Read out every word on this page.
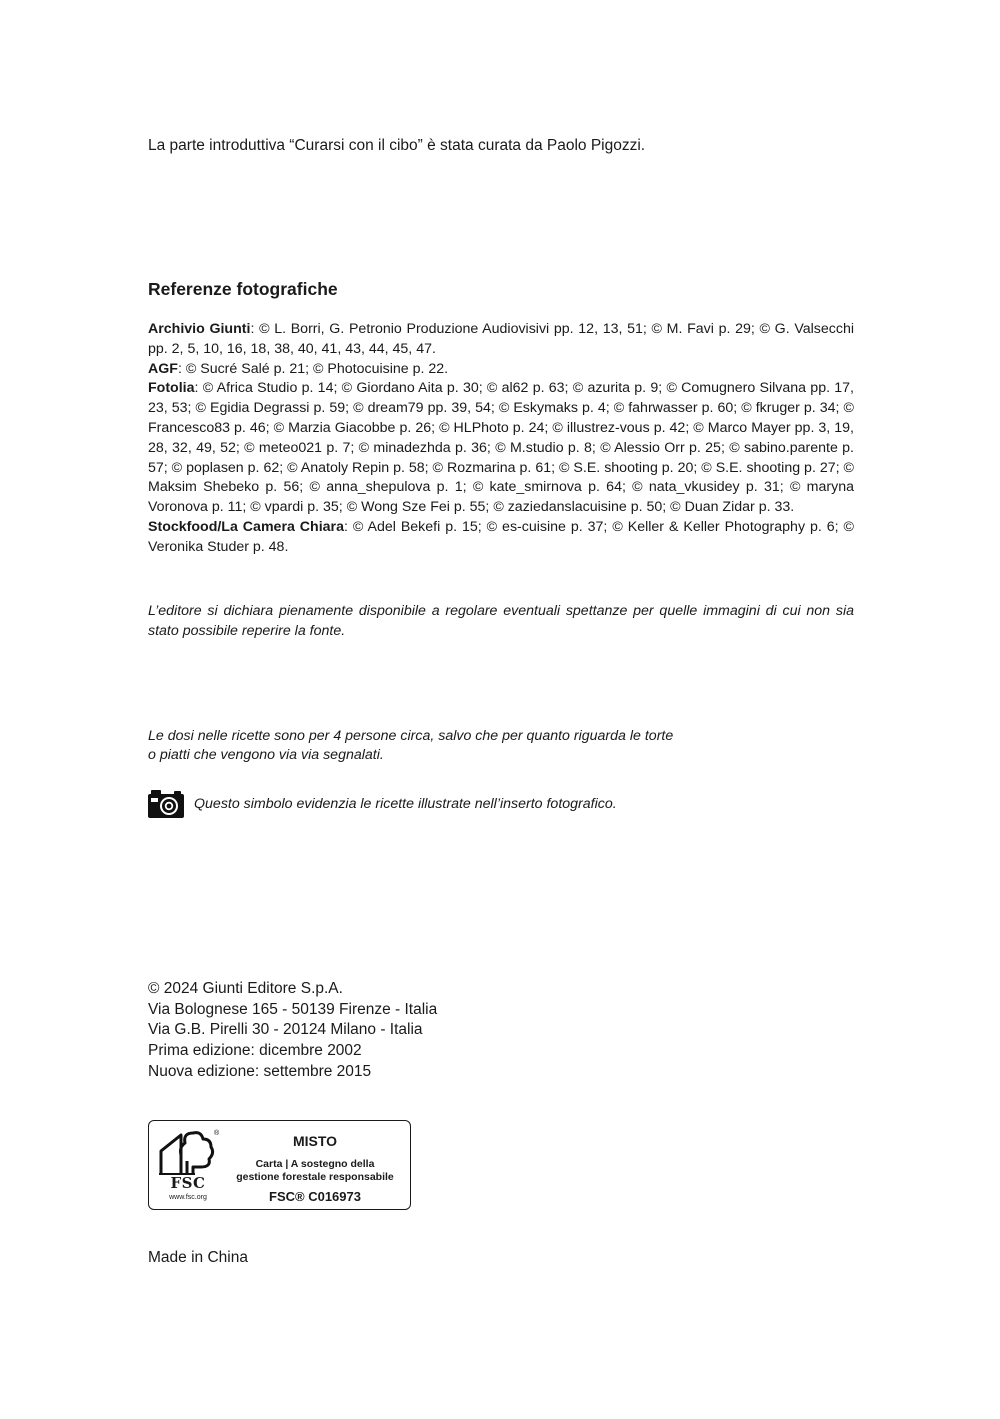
La parte introduttiva “Curarsi con il cibo” è stata curata da Paolo Pigozzi.
Referenze fotografiche

Archivio Giunti: © L. Borri, G. Petronio Produzione Audiovisivi pp. 12, 13, 51; © M. Favi p. 29; © G. Valsecchi pp. 2, 5, 10, 16, 18, 38, 40, 41, 43, 44, 45, 47.

AGF: © Sucré Salé p. 21; © Photocuisine p. 22.

Fotolia: © Africa Studio p. 14; © Giordano Aita p. 30; © al62 p. 63; © azurita p. 9; © Comugnero Silvana pp. 17, 23, 53; © Egidia Degrassi p. 59; © dream79 pp. 39, 54; © Eskymaks p. 4; © fahrwasser p. 60; © fkruger p. 34; © Francesco83 p. 46; © Marzia Giacobbe p. 26; © HLPhoto p. 24; © illustrez-vous p. 42; © Marco Mayer pp. 3, 19, 28, 32, 49, 52; © meteo021 p. 7; © minadezhda p. 36; © M.studio p. 8; © Alessio Orr p. 25; © sabino.parente p. 57; © poplasen p. 62; © Anatoly Repin p. 58; © Rozmarina p. 61; © S.E. shooting p. 20; © S.E. shooting p. 27; © Maksim Shebeko p. 56; © anna_shepulova p. 1; © kate_smirnova p. 64; © nata_vkusidey p. 31; © maryna Voronova p. 11; © vpardi p. 35; © Wong Sze Fei p. 55; © zaziedanslacuisine p. 50; © Duan Zidar p. 33.

Stockfood/La Camera Chiara: © Adel Bekefi p. 15; © es-cuisine p. 37; © Keller & Keller Photography p. 6; © Veronika Studer p. 48.

L’editore si dichiara pienamente disponibile a regolare eventuali spettanze per quelle immagini di cui non sia stato possibile reperire la fonte.

Le dosi nelle ricette sono per 4 persone circa, salvo che per quanto riguarda le torte
o piatti che vengono via via segnalati.

Questo simbolo evidenzia le ricette illustrate nell’inserto fotografico.
© 2024 Giunti Editore S.p.A.
Via Bolognese 165 - 50139 Firenze - Italia
Via G.B. Pirelli 30 - 20124 Milano - Italia
Prima edizione: dicembre 2002
Nuova edizione: settembre 2015
®
FSC
www.fsc.org
MISTO
Carta | A sostegno della
gestione forestale responsabile
FSC® C016973
Made in China
